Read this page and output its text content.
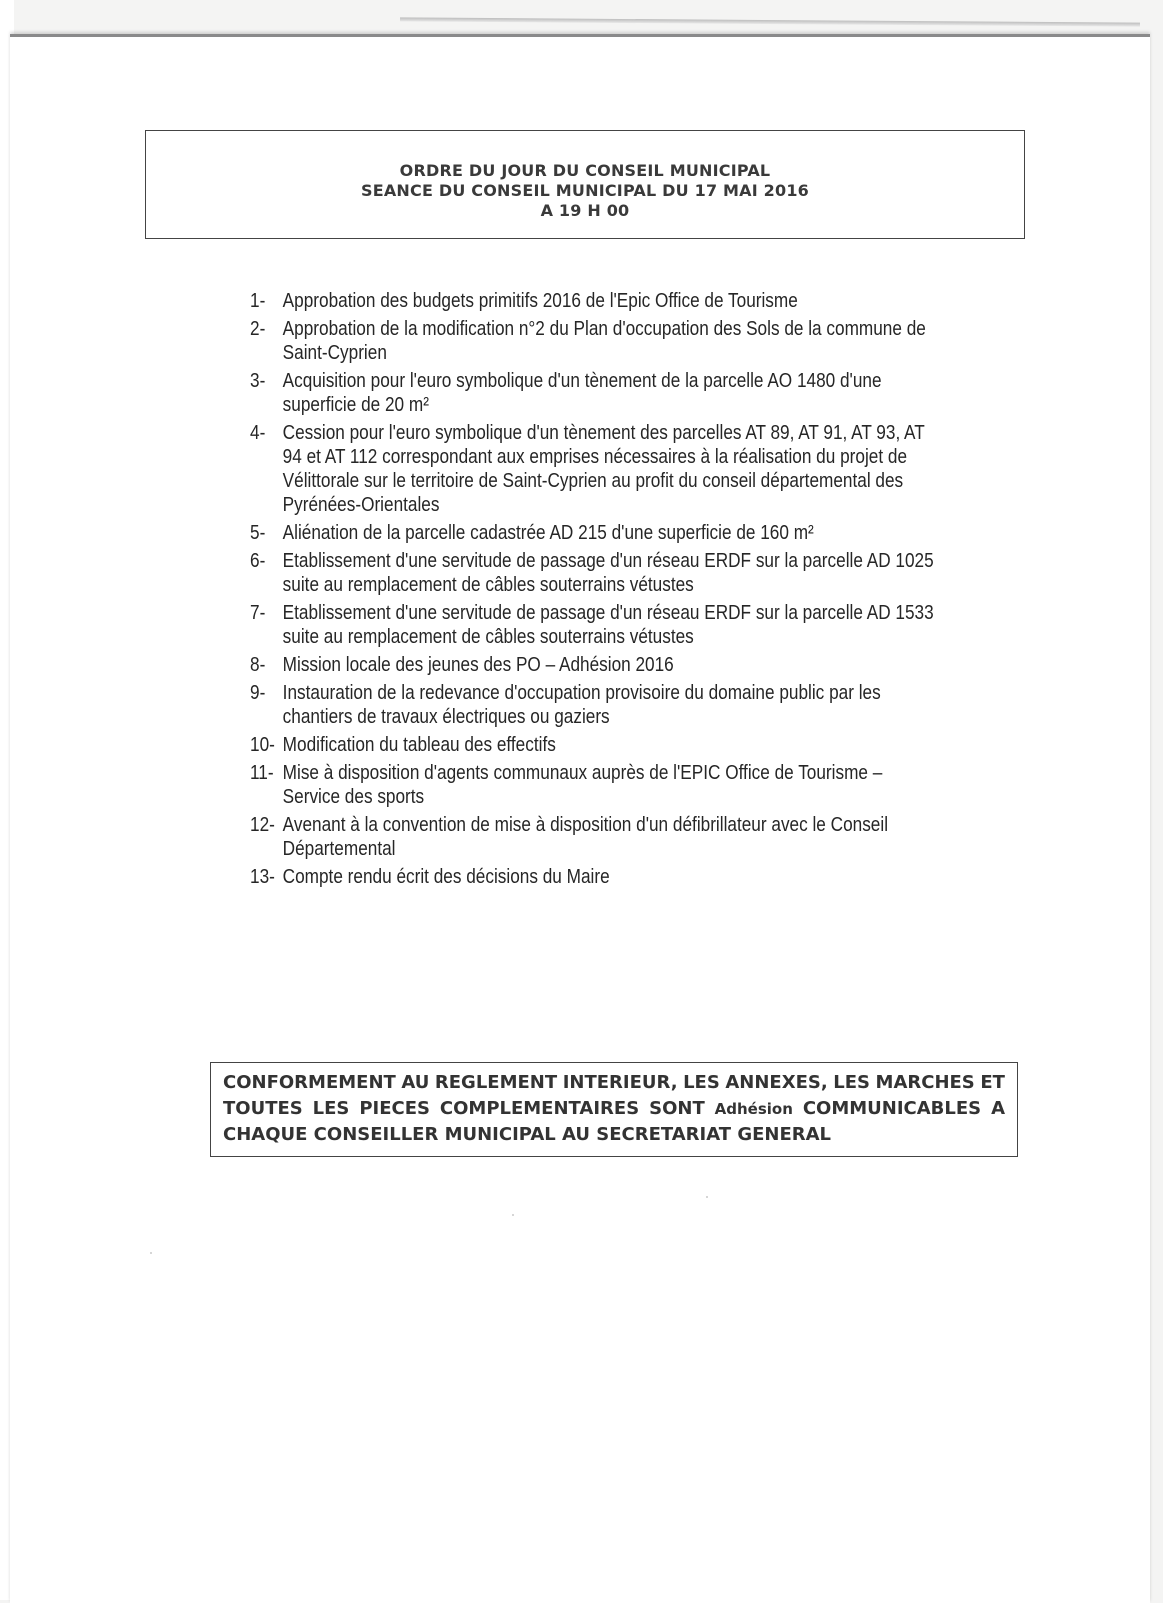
ORDRE DU JOUR DU CONSEIL MUNICIPAL
SEANCE DU CONSEIL MUNICIPAL DU 17 MAI 2016
A 19 H 00
1- Approbation des budgets primitifs 2016 de l'Epic Office de Tourisme
2- Approbation de la modification n°2 du Plan d'occupation des Sols de la commune de
Saint-Cyprien
3- Acquisition pour l'euro symbolique d'un tènement de la parcelle AO 1480 d'une
superficie de 20 m²
4- Cession pour l'euro symbolique d'un tènement des parcelles AT 89, AT 91, AT 93, AT
94 et AT 112 correspondant aux emprises nécessaires à la réalisation du projet de
Vélittorale sur le territoire de Saint-Cyprien au profit du conseil départemental des
Pyrénées-Orientales
5- Aliénation de la parcelle cadastrée AD 215 d'une superficie de 160 m²
6- Etablissement d'une servitude de passage d'un réseau ERDF sur la parcelle AD 1025
suite au remplacement de câbles souterrains vétustes
7- Etablissement d'une servitude de passage d'un réseau ERDF sur la parcelle AD 1533
suite au remplacement de câbles souterrains vétustes
8- Mission locale des jeunes des PO – Adhésion 2016
9- Instauration de la redevance d'occupation provisoire du domaine public par les
chantiers de travaux électriques ou gaziers
10- Modification du tableau des effectifs
11- Mise à disposition d'agents communaux auprès de l'EPIC Office de Tourisme –
Service des sports
12- Avenant à la convention de mise à disposition d'un défibrillateur avec le Conseil
Départemental
13- Compte rendu écrit des décisions du Maire
CONFORMEMENT AU REGLEMENT INTERIEUR, LES ANNEXES, LES MARCHES ET
TOUTES LES PIECES COMPLEMENTAIRES SONT Adhésion COMMUNICABLES A
CHAQUE CONSEILLER MUNICIPAL AU SECRETARIAT GENERAL
